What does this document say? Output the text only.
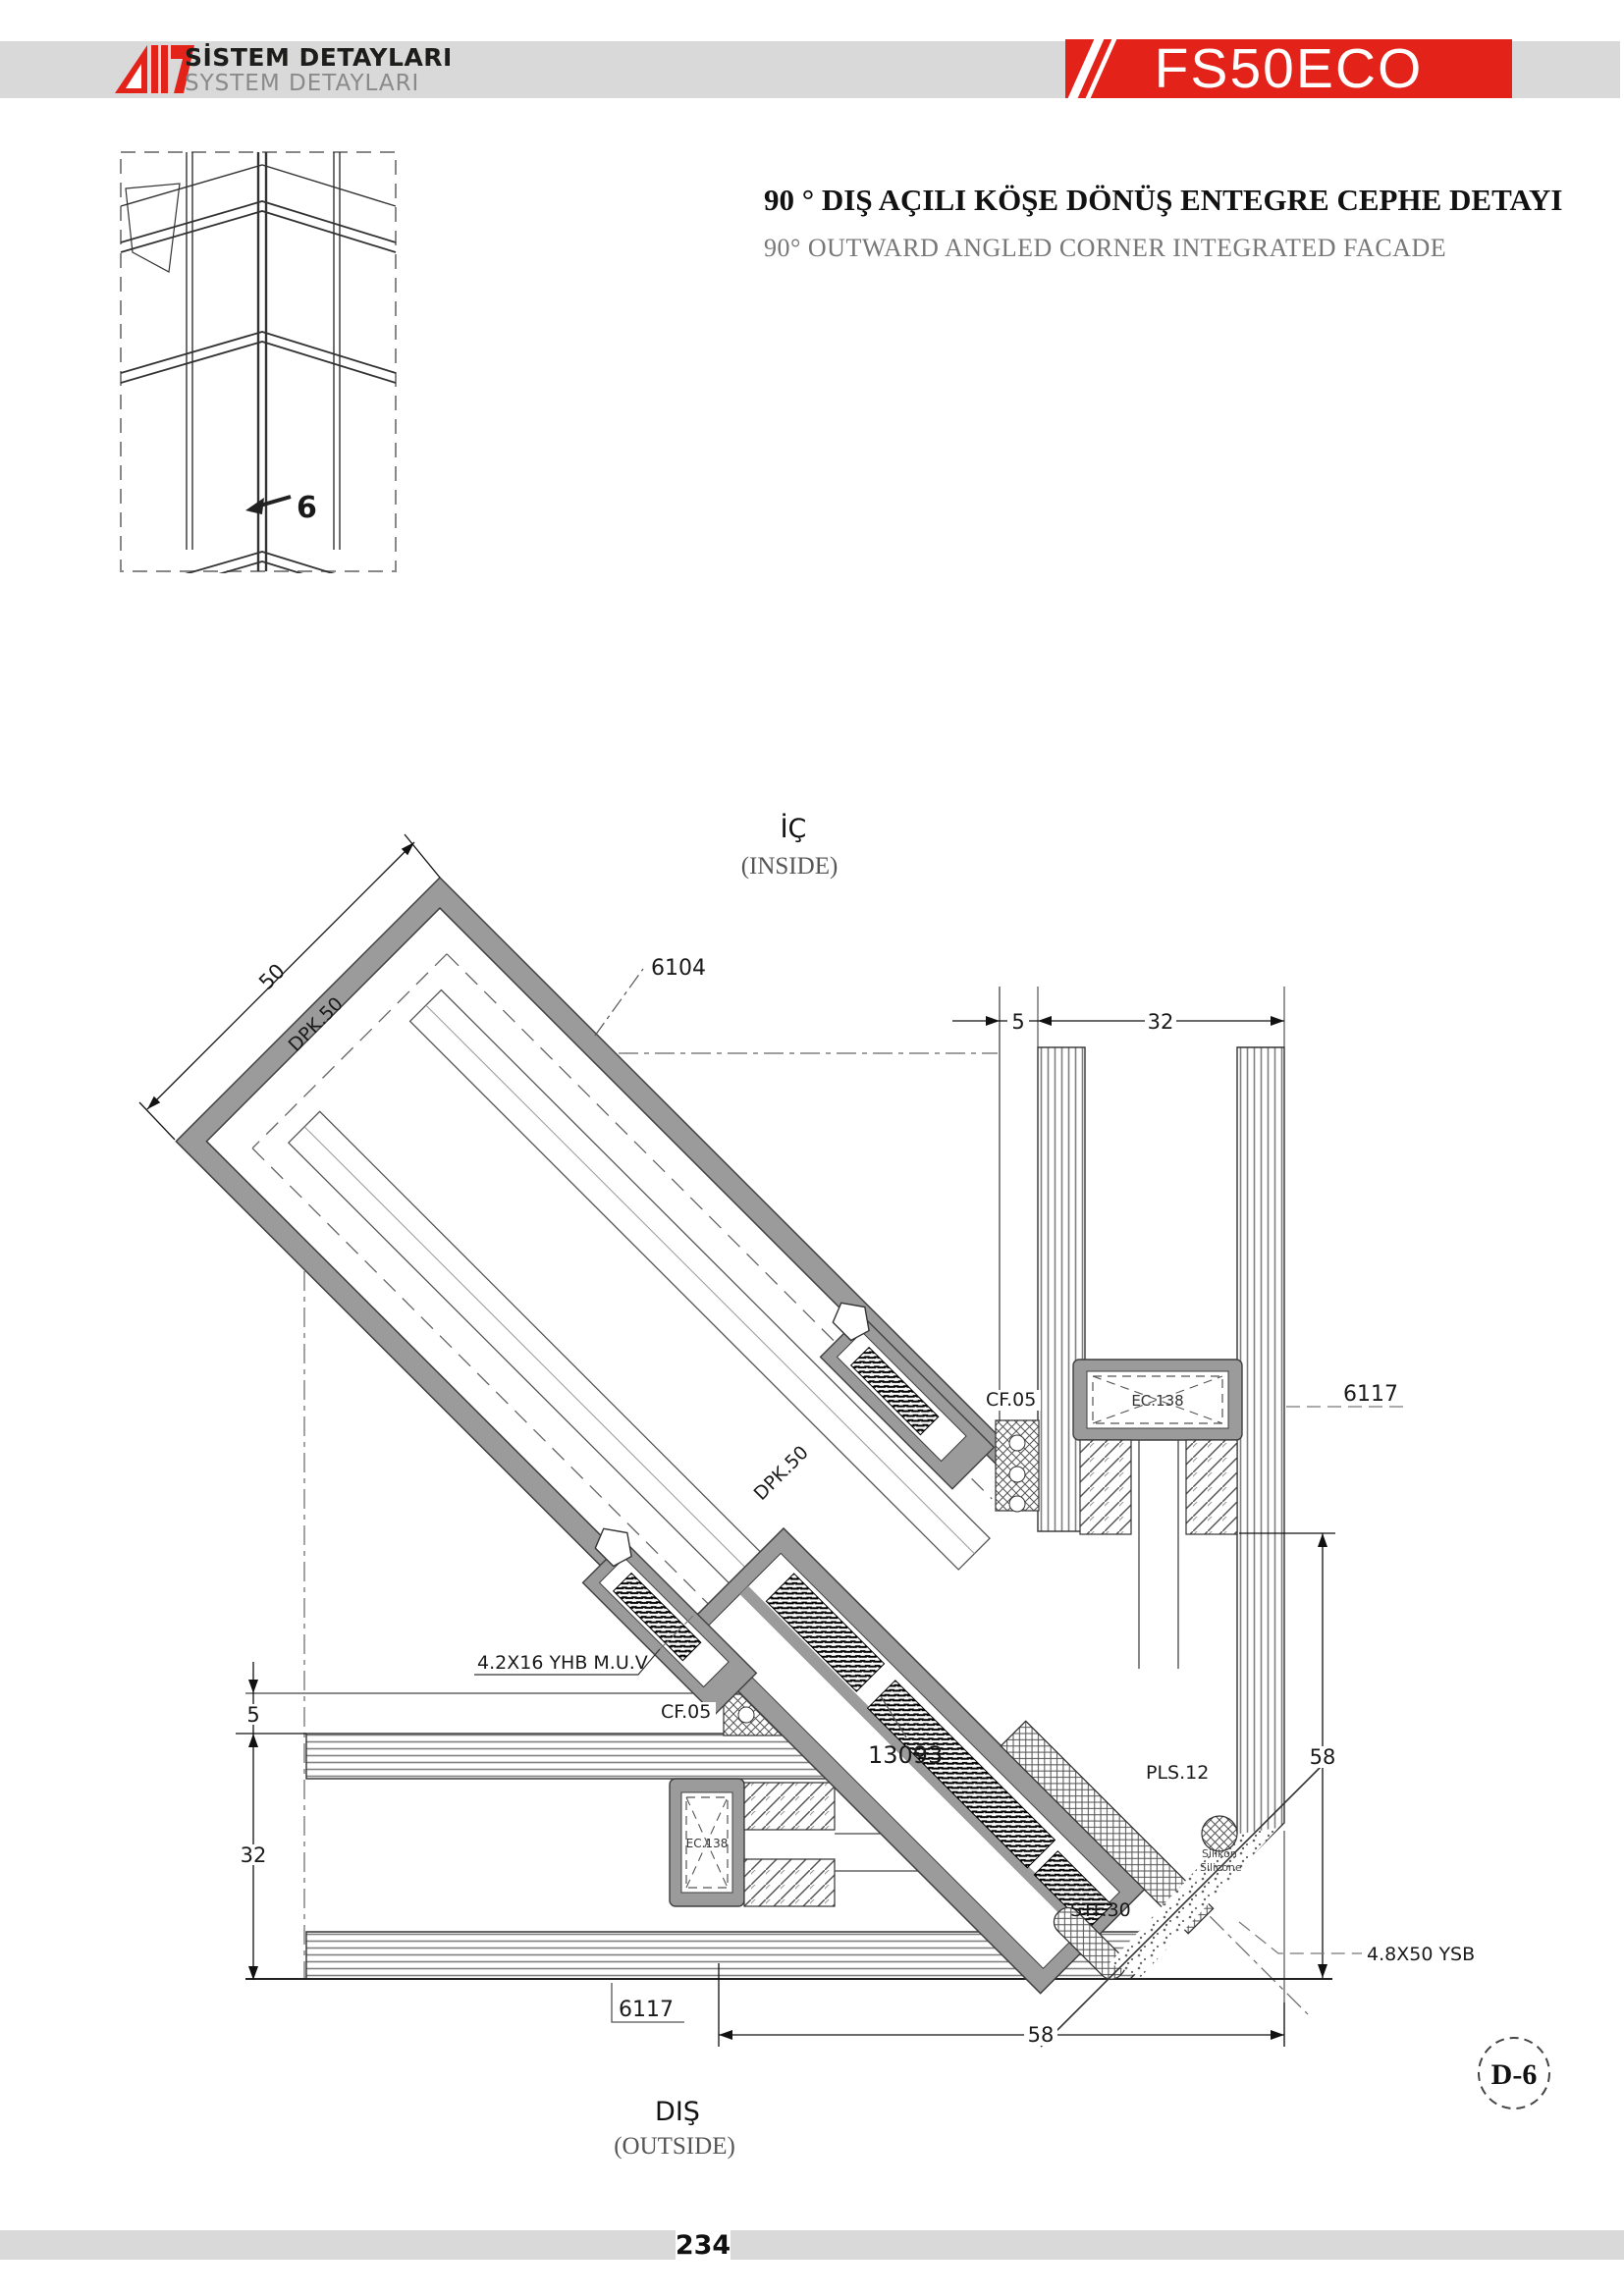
SİSTEM DETAYLARI
SYSTEM DETAYLARI	FS50ECO
90 ° DIŞ AÇILI KÖŞE DÖNÜŞ ENTEGRE CEPHE DETAYI
90° OUTWARD ANGLED CORNER INTEGRATED FACADE
6
İÇ
(INSIDE)
DIŞ
(OUTSIDE)
EC.138
EC.138
50
5	32
5
32
58
58
6104
DPK.50
DPK.50
6117
CF.05
CF.05
4.2X16 YHB M.U.V
13093
PLS.12
Silikon
Silicone
STF.30
4.8X50 YSB
6117
D-6
234
